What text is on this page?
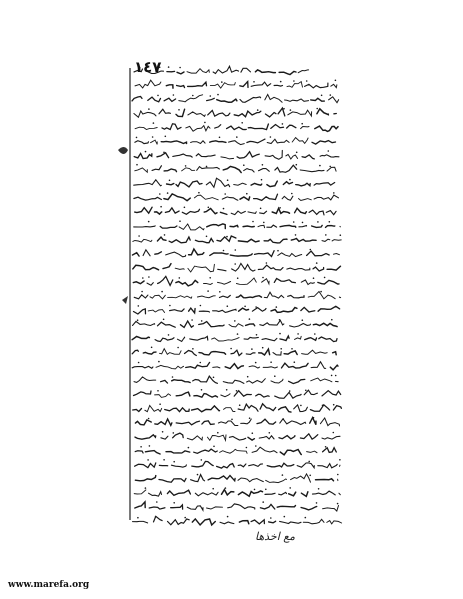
١٤٧
مع اخذها
www.marefa.org
